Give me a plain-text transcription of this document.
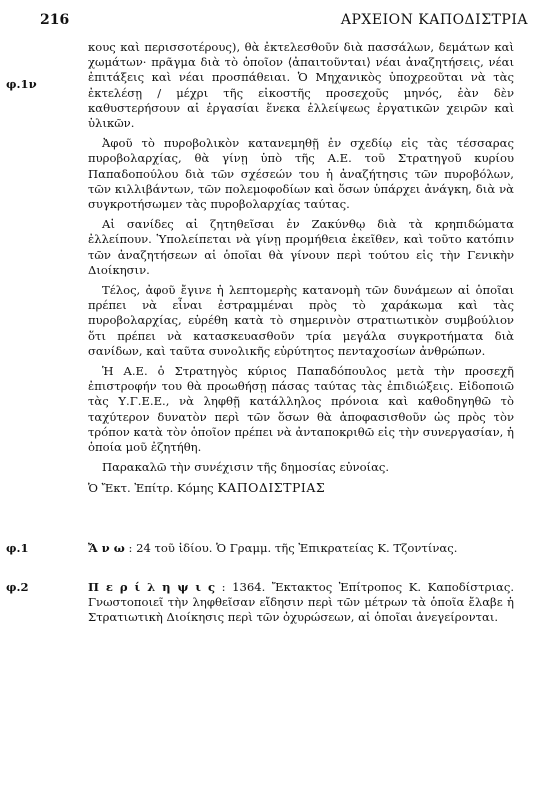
216	ΑΡΧΕΙΟΝ ΚΑΠΟΔΙΣΤΡΙΑ
φ.1ν

κους καὶ περισσοτέρους), θὰ ἐκτελεσθοῦν διὰ πασσάλων, δεμάτων καὶ χωμάτων· πρᾶγμα διὰ τὸ ὁποῖον ⟨ἀπαιτοῦνται⟩ νέαι ἀναζητήσεις, νέαι ἐπιτάξεις καὶ νέαι προσπάθειαι. Ὁ Μηχανικὸς ὑποχρεοῦται νὰ τὰς ἐκτελέσῃ / μέχρι τῆς εἰκοστῆς προσεχοῦς μηνός, ἐὰν δὲν καθυστερήσουν αἱ ἐργασίαι ἕνεκα ἐλλείψεως ἐργατικῶν χειρῶν καὶ ὑλικῶν.

Ἀφοῦ τὸ πυροβολικὸν κατανεμηθῇ ἐν σχεδίῳ εἰς τὰς τέσσαρας πυροβολαρχίας, θὰ γίνῃ ὑπὸ τῆς Α.Ε. τοῦ Στρατηγοῦ κυρίου Παπαδοπούλου διὰ τῶν σχέσεών του ἡ ἀναζήτησις τῶν πυροβόλων, τῶν κιλλιβάντων, τῶν πολεμοφοδίων καὶ ὅσων ὑπάρχει ἀνάγκη, διὰ νὰ συγκροτήσωμεν τὰς πυροβολαρχίας ταύτας.

Αἱ σανίδες αἱ ζητηθεῖσαι ἐν Ζακύνθῳ διὰ τὰ κρηπιδώματα ἐλλείπουν. Ὑπολείπεται νὰ γίνῃ προμήθεια ἐκεῖθεν, καὶ τοῦτο κατόπιν τῶν ἀναζητήσεων αἱ ὁποῖαι θὰ γίνουν περὶ τούτου εἰς τὴν Γενικὴν Διοίκησιν.

Τέλος, ἀφοῦ ἔγινε ἡ λεπτομερὴς κατανομὴ τῶν δυνάμεων αἱ ὁποῖαι πρέπει νὰ εἶναι ἐστραμμέναι πρὸς τὸ χαράκωμα καὶ τὰς πυροβολαρχίας, εὑρέθη κατὰ τὸ σημερινὸν στρατιωτικὸν συμβούλιον ὅτι πρέπει νὰ κατασκευασθοῦν τρία μεγάλα συγκροτήματα διὰ σανίδων, καὶ ταῦτα συνολικῆς εὐρύτητος πενταχοσίων ἀνθρώπων.

Ἡ Α.Ε. ὁ Στρατηγὸς κύριος Παπαδόπουλος μετὰ τὴν προσεχῆ ἐπιστροφήν του θὰ προωθήσῃ πάσας ταύτας τὰς ἐπιδιώξεις. Εἰδοποιῶ τὰς Υ.Γ.Ε.Ε., νὰ ληφθῇ κατάλληλος πρόνοια καὶ καθοδηγηθῶ τὸ ταχύτερον δυνατὸν περὶ τῶν ὅσων θὰ ἀποφασισθοῦν ὡς πρὸς τὸν τρόπον κατὰ τὸν ὁποῖον πρέπει νὰ ἀνταποκριθῶ εἰς τὴν συνεργασίαν, ἡ ὁποία μοῦ ἐζητήθη.

Παρακαλῶ τὴν συνέχισιν τῆς δημοσίας εὐνοίας.

Ὁ Ἔκτ. Ἐπίτρ. Κόμης ΚΑΠΟΔΙΣΤΡΙΑΣ

φ.1	Ἄ ν ω : 24 τοῦ ἰδίου. Ὁ Γραμμ. τῆς Ἐπικρατείας Κ. Τζοντίνας.
φ.2	Π ε ρ ί λ η ψ ι ς : 1364. Ἔκτακτος Ἐπίτροπος Κ. Καποδίστριας. Γνωστοποιεῖ τὴν ληφθεῖσαν εἴδησιν περὶ τῶν μέτρων τὰ ὁποῖα ἔλαβε ἡ Στρατιωτικὴ Διοίκησις περὶ τῶν ὀχυρώσεων, αἱ ὁποῖαι ἀνεγείρονται.
